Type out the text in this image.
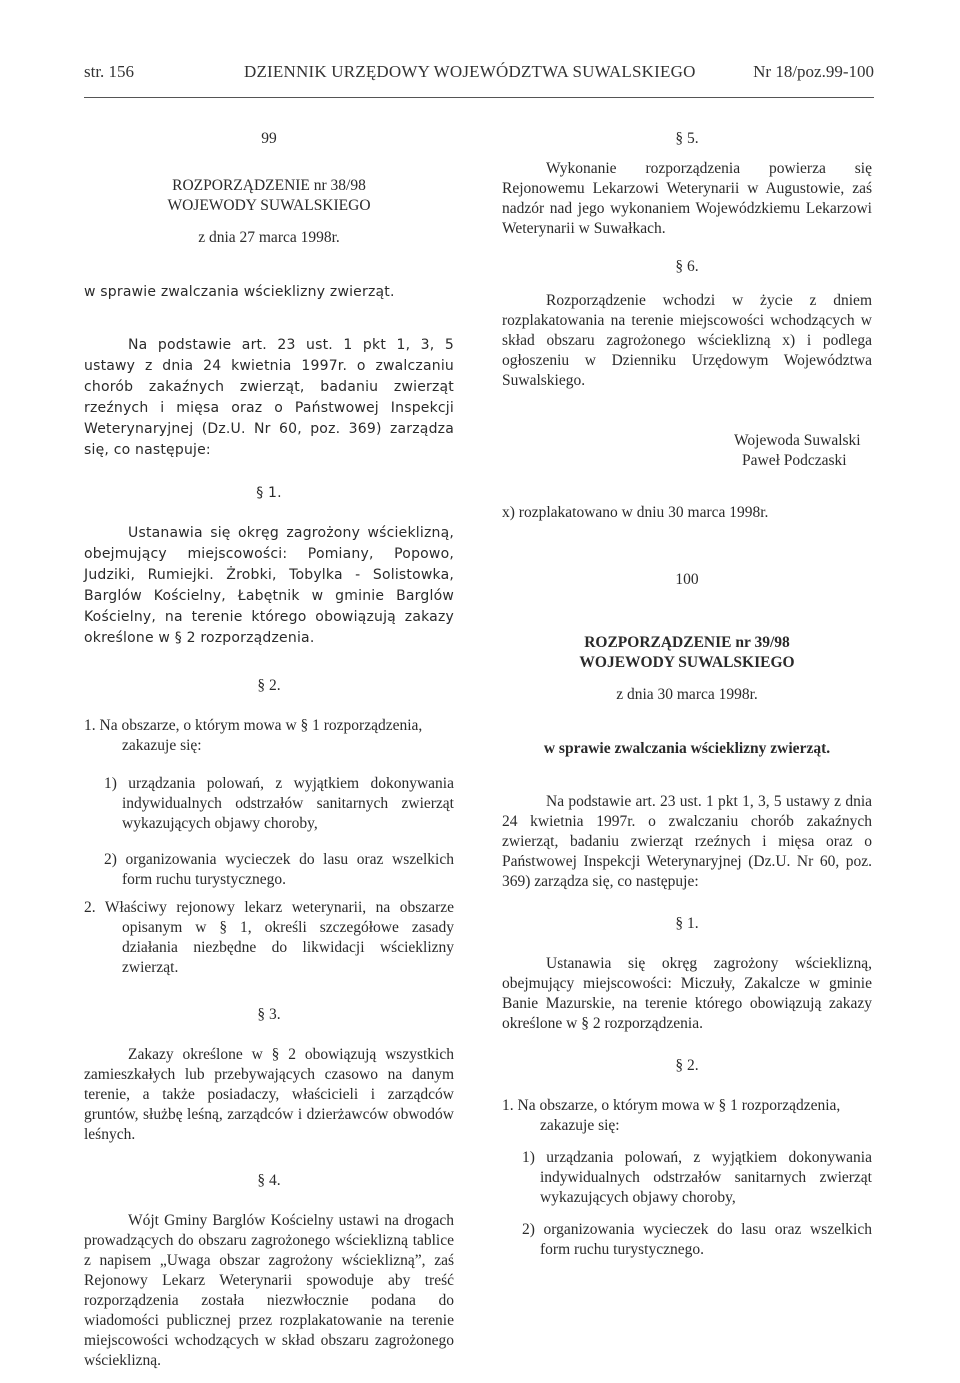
str. 156	DZIENNIK URZĘDOWY WOJEWÓDZTWA SUWALSKIEGO	Nr 18/poz.99-100

99

ROZPORZĄDZENIE nr 38/98

WOJEWODY SUWALSKIEGO

z dnia 27 marca 1998r.

w sprawie zwalczania wścieklizny zwierząt.

Na podstawie art. 23 ust. 1 pkt 1, 3, 5 ustawy z dnia 24 kwietnia 1997r. o zwalczaniu chorób zakaźnych zwierząt, badaniu zwierząt rzeźnych i mięsa oraz o Państwowej Inspekcji Weterynaryjnej (Dz.U. Nr 60, poz. 369) zarządza się, co następuje:

§ 1.

Ustanawia się okręg zagrożony wścieklizną, obejmujący miejscowości: Pomiany, Popowo, Judziki, Rumiejki. Żrobki, Tobylka - Solistowka, Barglów Kościelny, Łabętnik w gminie Barglów Kościelny, na terenie którego obowiązują zakazy określone w § 2 rozporządzenia.

§ 2.

1. Na obszarze, o którym mowa w § 1 rozporządzenia, zakazuje się:

1) urządzania polowań, z wyjątkiem dokonywania indywidualnych odstrzałów sanitarnych zwierząt wykazujących objawy choroby,

2) organizowania wycieczek do lasu oraz wszelkich form ruchu turystycznego.

2. Właściwy rejonowy lekarz weterynarii, na obszarze opisanym w § 1, określi szczegółowe zasady działania niezbędne do likwidacji wścieklizny zwierząt.

§ 3.

Zakazy określone w § 2 obowiązują wszystkich zamieszkałych lub przebywających czasowo na danym terenie, a także posiadaczy, właścicieli i zarządców gruntów, służbę leśną, zarządców i dzierżawców obwodów leśnych.

§ 4.

Wójt Gminy Barglów Kościelny ustawi na drogach prowadzących do obszaru zagrożonego wścieklizną tablice z napisem „Uwaga obszar zagrożony wścieklizną”, zaś Rejonowy Lekarz Weterynarii spowoduje aby treść rozporządzenia została niezwłocznie podana do wiadomości publicznej przez rozplakatowanie na terenie miejscowości wchodzących w skład obszaru zagrożonego wścieklizną.

§ 5.

Wykonanie rozporządzenia powierza się Rejonowemu Lekarzowi Weterynarii w Augustowie, zaś nadzór nad jego wykonaniem Wojewódzkiemu Lekarzowi Weterynarii w Suwałkach.

§ 6.

Rozporządzenie wchodzi w życie z dniem rozplakatowania na terenie miejscowości wchodzących w skład obszaru zagrożonego wścieklizną x) i podlega ogłoszeniu w Dzienniku Urzędowym Województwa Suwalskiego.

Wojewoda Suwalski

Paweł Podczaski

x) rozplakatowano w dniu 30 marca 1998r.

100

ROZPORZĄDZENIE nr 39/98

WOJEWODY SUWALSKIEGO

z dnia 30 marca 1998r.

w sprawie zwalczania wścieklizny zwierząt.

Na podstawie art. 23 ust. 1 pkt 1, 3, 5 ustawy z dnia 24 kwietnia 1997r. o zwalczaniu chorób zakaźnych zwierząt, badaniu zwierząt rzeźnych i mięsa oraz o Państwowej Inspekcji Weterynaryjnej (Dz.U. Nr 60, poz. 369) zarządza się, co następuje:

§ 1.

Ustanawia się okręg zagrożony wścieklizną, obejmujący miejscowości: Miczuły, Zakalcze w gminie Banie Mazurskie, na terenie którego obowiązują zakazy określone w § 2 rozporządzenia.

§ 2.

1. Na obszarze, o którym mowa w § 1 rozporządzenia, zakazuje się:

1) urządzania polowań, z wyjątkiem dokonywania indywidualnych odstrzałów sanitarnych zwierząt wykazujących objawy choroby,

2) organizowania wycieczek do lasu oraz wszelkich form ruchu turystycznego.
